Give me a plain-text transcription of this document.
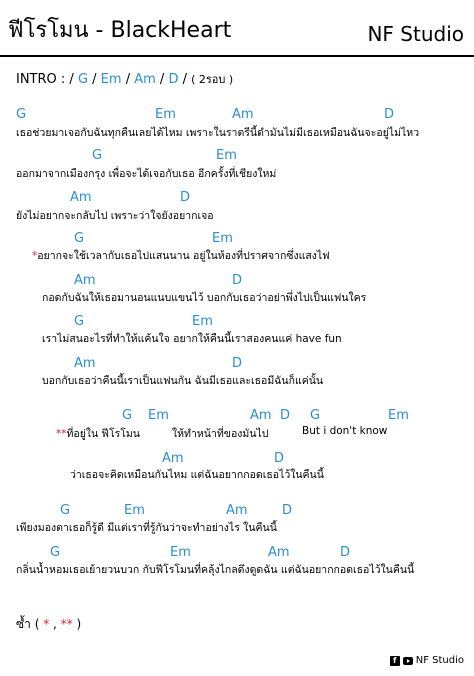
ฟีโรโมน - BlackHeart	NF Studio
INTRO : / G / Em / Am / D / ( 2รอบ )
G	Em	Am	D
เธอช่วยมาเจอกับฉันทุกคืนเลยได้ไหม เพราะในราตรีนี้ดำมันไม่มีเธอเหมือนฉันจะอยู่ไม่ไหว
G	Em
ออกมาจากเมืองกรุง เพื่อจะได้เจอกับเธอ อีกครั้งที่เชียงใหม่
Am	D
ยังไม่อยากจะกลับไป เพราะว่าใจยังอยากเจอ
G	Em
*อยากจะใช้เวลากับเธอไปแสนนาน อยู่ในห้องที่ปราศจากซึ่งแสงไฟ
Am	D
กอดกับฉันให้เธอมานอนแนบแขนไว้ บอกกับเธอว่าอย่าพึ่งไปเป็นแฟนใคร
G	Em
เราไม่สนอะไรที่ทำให้แค้นใจ อยากให้คืนนี้เราสองคนแค่ have fun
Am	D
บอกกับเธอว่าคืนนี้เราเป็นแฟนกัน ฉันมีเธอและเธอมีฉันก็แค่นั้น
G Em	Am D G	Em
**ที่อยู่ใน ฟีโรโมน	ให้ทำหน้าที่ของมันไป	But i don't know
Am	D
ว่าเธอจะคิดเหมือนกันไหม แต่ฉันอยากกอดเธอไว้ในคืนนี้
G	Em	Am	D
เพียงมองตาเธอก็รู้ดี มีแต่เราที่รู้กันว่าจะทำอย่างไร ในคืนนี้
G	Em	Am	D
กลิ่นน้ำหอมเธอเย้ายวนบวก กับฟีโรโมนที่คลุ้งไกลดึงดูดฉัน แต่ฉันอยากกอดเธอไว้ในคืนนี้
ซ้ำ ( * , ** )
f	NF Studio
